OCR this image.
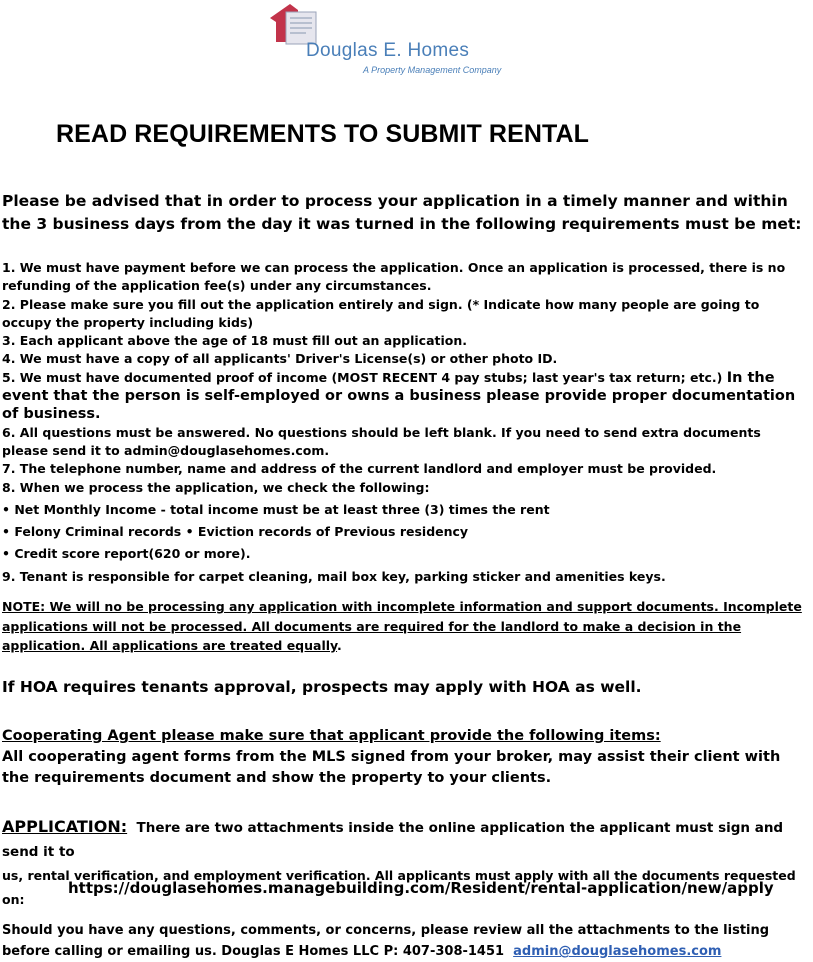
Douglas E. Homes
A Property Management Company
READ REQUIREMENTS TO SUBMIT RENTAL

Please be advised that in order to process your application in a timely manner and within the 3 business days from the day it was turned in the following requirements must be met:

1. We must have payment before we can process the application. Once an application is processed, there is no refunding of the application fee(s) under any circumstances.
2. Please make sure you fill out the application entirely and sign. (* Indicate how many people are going to occupy the property including kids)
3. Each applicant above the age of 18 must fill out an application.
4. We must have a copy of all applicants' Driver's License(s) or other photo ID.
5. We must have documented proof of income (MOST RECENT 4 pay stubs; last year's tax return; etc.) In the event that the person is self-employed or owns a business please provide proper documentation of business.
6. All questions must be answered. No questions should be left blank. If you need to send extra documents please send it to admin@douglasehomes.com.
7. The telephone number, name and address of the current landlord and employer must be provided.
8. When we process the application, we check the following:
• Net Monthly Income - total income must be at least three (3) times the rent
• Felony Criminal records • Eviction records of Previous residency
• Credit score report(620 or more).
9. Tenant is responsible for carpet cleaning, mail box key, parking sticker and amenities keys.

NOTE: We will no be processing any application with incomplete information and support documents. Incomplete applications will not be processed. All documents are required for the landlord to make a decision in the application. All applications are treated equally.

If HOA requires tenants approval, prospects may apply with HOA as well.

Cooperating Agent please make sure that applicant provide the following items:
All cooperating agent forms from the MLS signed from your broker, may assist their client with the requirements document and show the property to your clients.
APPLICATION: There are two attachments inside the online application the applicant must sign and send it to
us, rental verification, and employment verification. All applicants must apply with all the documents requested on:

https://douglasehomes.managebuilding.com/Resident/rental-application/new/apply

Should you have any questions, comments, or concerns, please review all the attachments to the listing before calling or emailing us. Douglas E Homes LLC P: 407-308-1451 admin@douglasehomes.com
